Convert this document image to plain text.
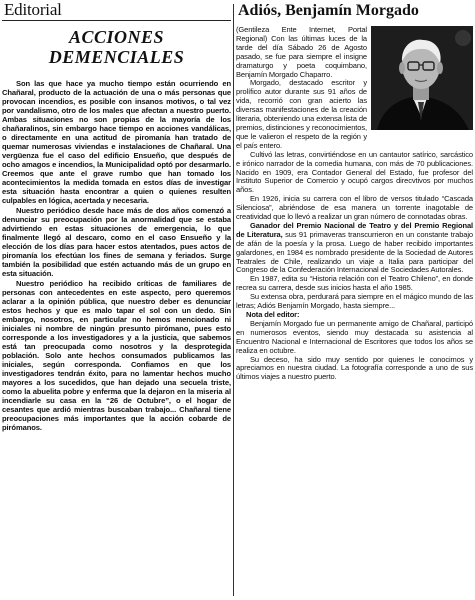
Editorial
ACCIONES
DEMENCIALES

Son las que hace ya mucho tiempo están ocurriendo en Chañaral, producto de la actuación de una o más personas que provocan incendios, es posible con insanos motivos, o tal vez por vandalismo, otro de los males que afectan a nuestro puerto. Ambas situaciones no son propias de la mayoría de los chañaralinos, sin embargo hace tiempo en acciones vandálicas, o directamente en una actitud de piromanía han tratado de quemar numerosas viviendas e instalaciones de Chañaral. Una vergüenza fue el caso del edificio Ensueño, que después de ocho amagos e incendios, la Municipalidad optó por desarmarlo. Creemos que ante el grave rumbo que han tomado los acontecimientos la medida tomada en estos días de investigar esta situación hasta encontrar a quien o quienes resulten culpables en lógica, acertada y necesaria.

Nuestro periódico desde hace más de dos años comenzó a denunciar su preocupación por la anormalidad que se estaba advirtiendo en estas situaciones de emergencia, lo que finalmente llegó al descaro, como en el caso Ensueño y la elección de los días para hacer estos atentados, pues actos de piromanía los efectúan los fines de semana y feriados. Surge también la posibilidad que estén actuando más de un grupo en esta situación.

Nuestro periódico ha recibido críticas de familiares de personas con antecedentes en este aspecto, pero queremos aclarar a la opinión pública, que nuestro deber es denunciar estos hechos y que es malo tapar el sol con un dedo. Sin embargo, nosotros, en particular no hemos mencionado ni iniciales ni nombre de ningún presunto pirómano, pues esto corresponde a los investigadores y a la justicia, que sabemos está tan preocupada como nosotros y la desprotegida población. Solo ante hechos consumados publicamos las iniciales, según corresponda. Confiamos en que los investigadores tendrán éxito, para no lamentar hechos mucho mayores a los sucedidos, que han dejado una secuela triste, como la abuelita pobre y enferma que la dejaron en la miseria al incendiarle su casa en la “26 de Octubre”, o el hogar de cesantes que ardió mientras buscaban trabajo... Chañaral tiene preocupaciones más importantes que la acción cobarde de pirómanos.

Adiós, Benjamín Morgado

(Gentileza Ente Internet, Portal Regional) Con las últimas luces de la tarde del día Sábado 26 de Agosto pasado, se fue para siempre el insigne dramaturgo y poeta coquimbano, Benjamín Morgado Chaparro.

Morgado, destacado escritor y prolífico autor durante sus 91 años de vida, recorrió con gran acierto las diversas manifestaciones de la creación literaria, obteniendo una extensa lista de premios, distinciones y reconocimientos, que le valieron el respeto de la región y el país entero.

Cultivó las letras, convirtiéndose en un cantautor satírico, sarcástico e irónico narrador de la comedia humana, con más de 70 publicaciones. Nacido en 1909, era Contador General del Estado, fue profesor del Instituto Superior de Comercio y ocupó cargos direcvtivos por muchos años.

En 1926, inicia su carrera con el libro de versos titulado “Cascada Silenciosa”, abriéndose de esa manera un torrente inagotable de creatividad que lo llevó a realizar un gran número de connotadas obras.

Ganador del Premio Nacional de Teatro y del Premio Regional de Literatura, sus 91 primaveras transcurrieron en un constante trabajo de afán de la poesía y la prosa. Luego de haber recibido importantes galardones, en 1984 es nombrado presidente de la Sociedad de Autores Teatrales de Chile, realizando un viaje a Italia para participar del Congreso de la Confederación Internacional de Sociedades Autorales.

En 1987, edita su “Historia relación con el Teatro Chileno”, en donde recrea su carrera, desde sus inicios hasta el año 1985.

Su extensa obra, perdurará para siempre en el mágico mundo de las letras; Adiós Benjamín Morgado, hasta siempre...

Nota del editor:

Benjamín Morgado fue un permanente amigo de Chañaral, participó en numerosos eventos, siendo muy destacada su asistencia al Encuentro Nacional e Internacional de Escritores que todos los años se realiza en octubre.

Su deceso, ha sido muy sentido por quienes le conocimos y apreciamos en nuestra ciudad. La fotografía corresponde a uno de sus últimos viajes a nuestro puerto.
